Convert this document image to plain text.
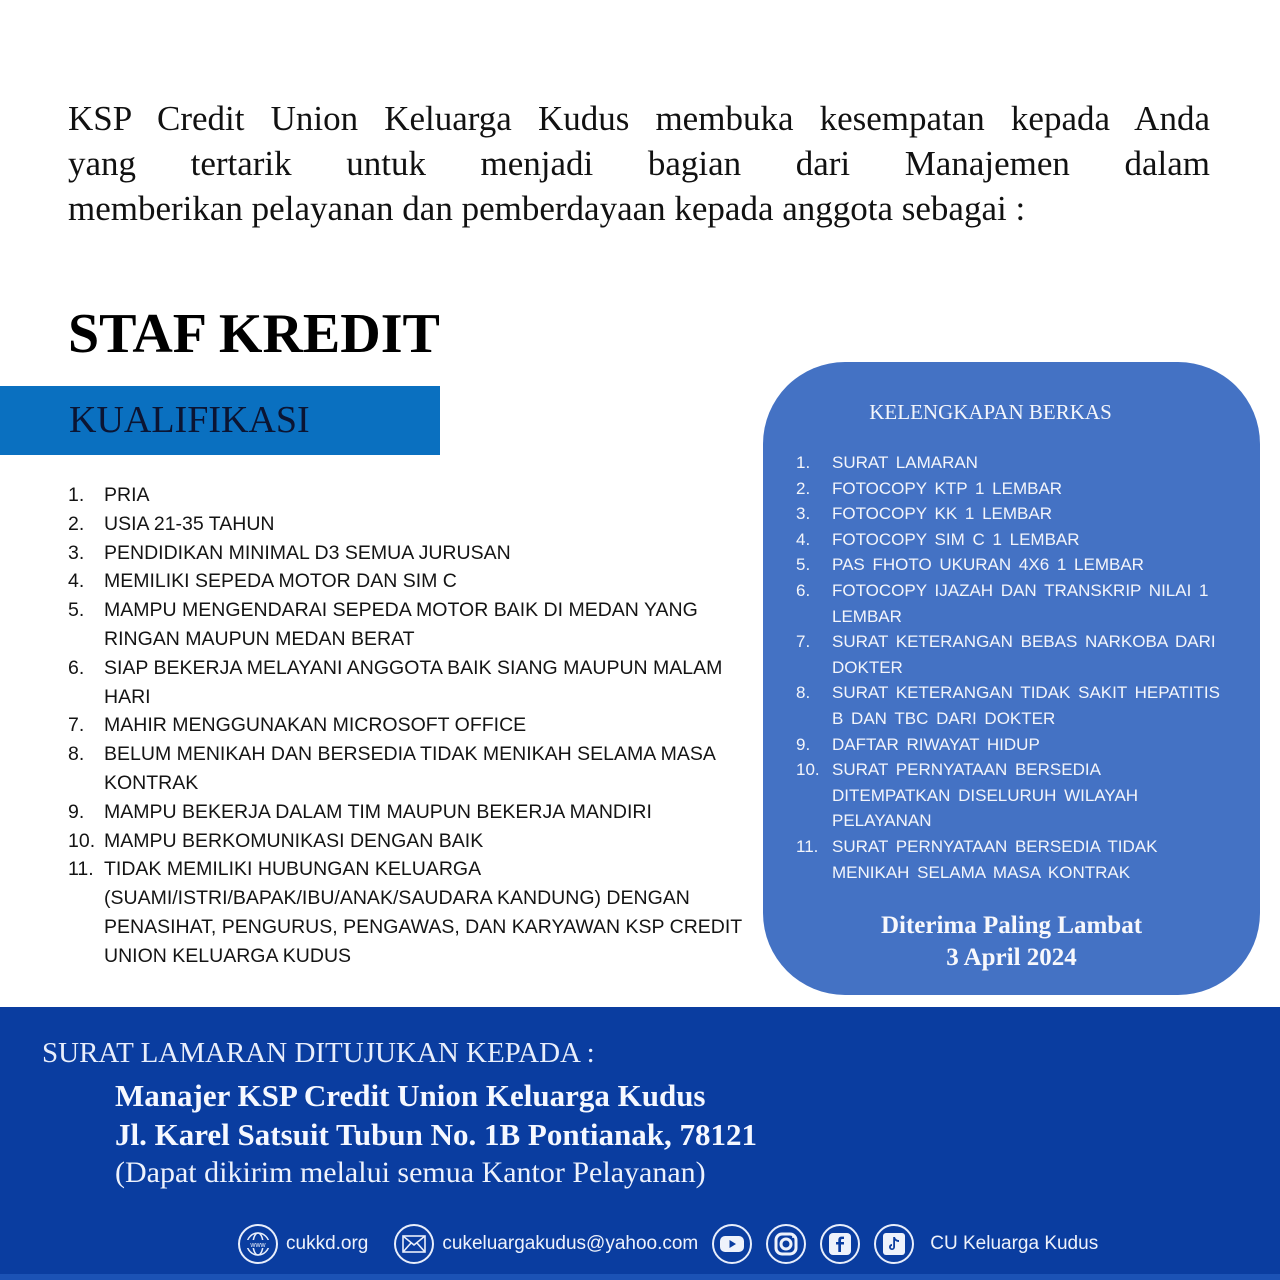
KSP Credit Union Keluarga Kudus membuka kesempatan kepada Anda
yang tertarik untuk menjadi bagian dari Manajemen dalam
memberikan pelayanan dan pemberdayaan kepada anggota sebagai :
STAF KREDIT
KUALIFIKASI
1.	PRIA
2.	USIA 21-35 TAHUN
3.	PENDIDIKAN MINIMAL D3 SEMUA JURUSAN
4.	MEMILIKI SEPEDA MOTOR DAN SIM C
5.	MAMPU MENGENDARAI SEPEDA MOTOR BAIK DI MEDAN YANG RINGAN MAUPUN MEDAN BERAT
6.	SIAP BEKERJA MELAYANI ANGGOTA BAIK SIANG MAUPUN MALAM HARI
7.	MAHIR MENGGUNAKAN MICROSOFT OFFICE
8.	BELUM MENIKAH DAN BERSEDIA TIDAK MENIKAH SELAMA MASA KONTRAK
9.	MAMPU BEKERJA DALAM TIM MAUPUN BEKERJA MANDIRI
10. MAMPU BERKOMUNIKASI DENGAN BAIK
11. TIDAK MEMILIKI HUBUNGAN KELUARGA (SUAMI/ISTRI/BAPAK/IBU/ANAK/SAUDARA KANDUNG) DENGAN PENASIHAT, PENGURUS, PENGAWAS, DAN KARYAWAN KSP CREDIT UNION KELUARGA KUDUS
KELENGKAPAN BERKAS
1.	SURAT LAMARAN
2.	FOTOCOPY KTP 1 LEMBAR
3.	FOTOCOPY KK 1 LEMBAR
4.	FOTOCOPY SIM C 1 LEMBAR
5.	PAS FHOTO UKURAN 4X6 1 LEMBAR
6.	FOTOCOPY IJAZAH DAN TRANSKRIP NILAI 1 LEMBAR
7.	SURAT KETERANGAN BEBAS NARKOBA DARI DOKTER
8.	SURAT KETERANGAN TIDAK SAKIT HEPATITIS B DAN TBC DARI DOKTER
9.	DAFTAR RIWAYAT HIDUP
10. SURAT PERNYATAAN BERSEDIA DITEMPATKAN DISELURUH WILAYAH PELAYANAN
11. SURAT PERNYATAAN BERSEDIA TIDAK MENIKAH SELAMA MASA KONTRAK
Diterima Paling Lambat
3 April 2024
SURAT LAMARAN DITUJUKAN KEPADA :
Manajer KSP Credit Union Keluarga Kudus
Jl. Karel Satsuit Tubun No. 1B Pontianak, 78121
(Dapat dikirim melalui semua Kantor Pelayanan)
www cukkd.org	cukeluargakudus@yahoo.com	CU Keluarga Kudus
